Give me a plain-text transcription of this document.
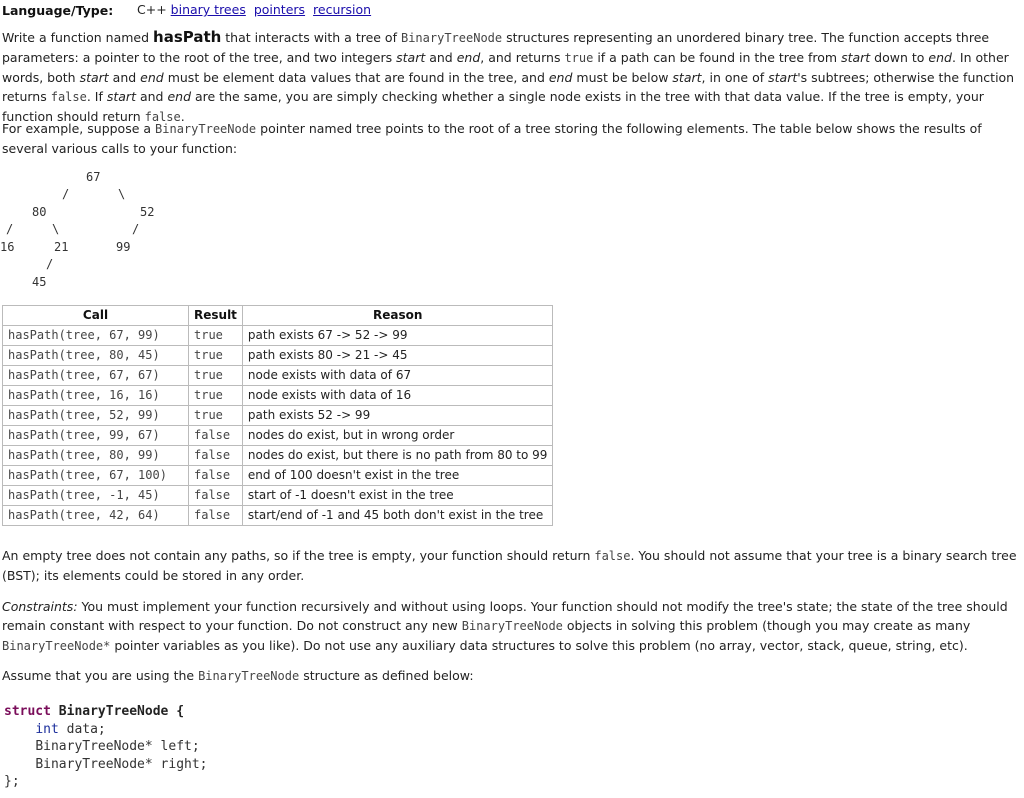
Language/Type: C++ binary trees pointers recursion

Write a function named hasPath that interacts with a tree of BinaryTreeNode structures representing an unordered binary tree. The function accepts three parameters: a pointer to the root of the tree, and two integers start and end, and returns true if a path can be found in the tree from start down to end. In other words, both start and end must be element data values that are found in the tree, and end must be below start, in one of start's subtrees; otherwise the function returns false. If start and end are the same, you are simply checking whether a single node exists in the tree with that data value. If the tree is empty, your function should return false.

For example, suppose a BinaryTreeNode pointer named tree points to the root of a tree storing the following elements. The table below shows the results of several various calls to your function:

67
/	\
80	52
/	\	/
16	21	99
/
45
Call	Result	Reason
hasPath(tree, 67, 99)	true	path exists 67 -> 52 -> 99
hasPath(tree, 80, 45)	true	path exists 80 -> 21 -> 45
hasPath(tree, 67, 67)	true	node exists with data of 67
hasPath(tree, 16, 16)	true	node exists with data of 16
hasPath(tree, 52, 99)	true	path exists 52 -> 99
hasPath(tree, 99, 67)	false	nodes do exist, but in wrong order
hasPath(tree, 80, 99)	false	nodes do exist, but there is no path from 80 to 99
hasPath(tree, 67, 100)	false	end of 100 doesn't exist in the tree
hasPath(tree, -1, 45)	false	start of -1 doesn't exist in the tree
hasPath(tree, 42, 64)	false	start/end of -1 and 45 both don't exist in the tree

An empty tree does not contain any paths, so if the tree is empty, your function should return false. You should not assume that your tree is a binary search tree (BST); its elements could be stored in any order.

Constraints: You must implement your function recursively and without using loops. Your function should not modify the tree's state; the state of the tree should remain constant with respect to your function. Do not construct any new BinaryTreeNode objects in solving this problem (though you may create as many BinaryTreeNode* pointer variables as you like). Do not use any auxiliary data structures to solve this problem (no array, vector, stack, queue, string, etc).

Assume that you are using the BinaryTreeNode structure as defined below:

struct BinaryTreeNode {
int data;
BinaryTreeNode* left;
BinaryTreeNode* right;
};
